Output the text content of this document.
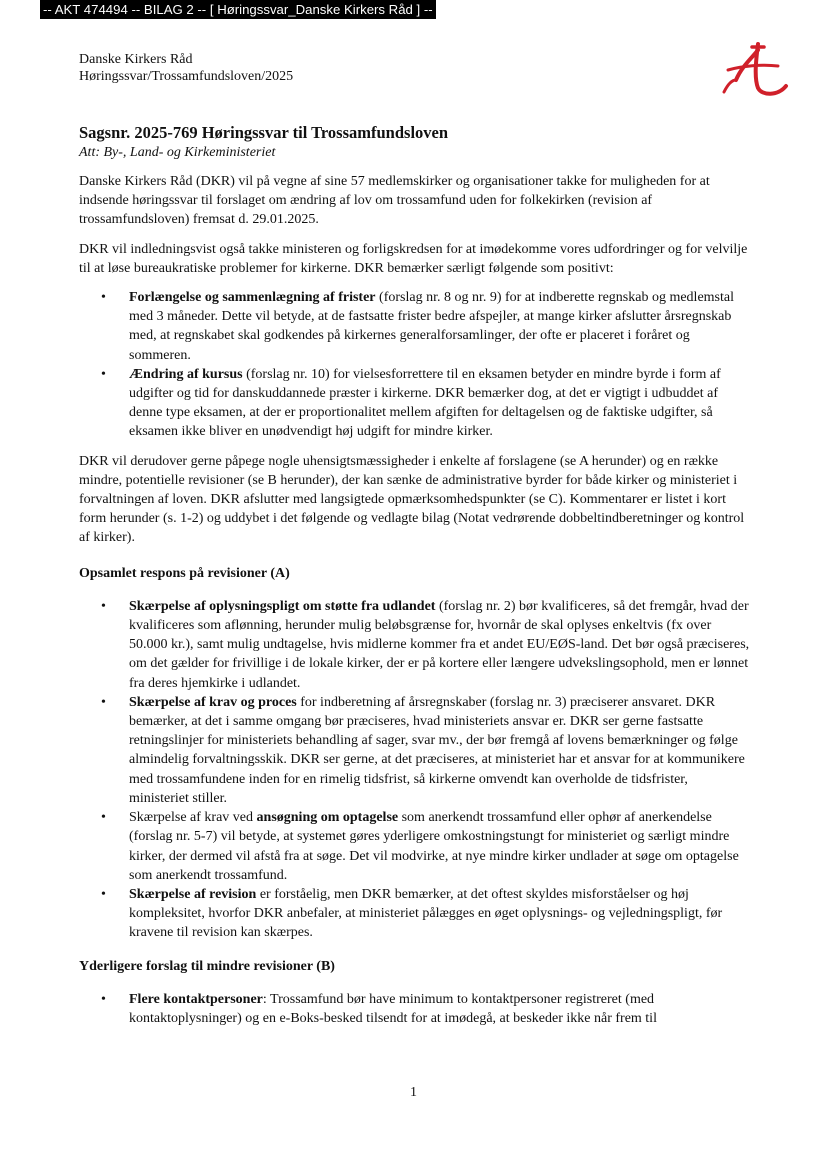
-- AKT 474494 -- BILAG 2 -- [ Høringssvar_Danske Kirkers Råd ] --
Danske Kirkers Råd
Høringssvar/Trossamfundsloven/2025
Sagsnr. 2025-769 Høringssvar til Trossamfundsloven
Att: By-, Land- og Kirkeministeriet

Danske Kirkers Råd (DKR) vil på vegne af sine 57 medlemskirker og organisationer takke for muligheden for at indsende høringssvar til forslaget om ændring af lov om trossamfund uden for folkekirken (revision af trossamfundsloven) fremsat d. 29.01.2025.

DKR vil indledningsvist også takke ministeren og forligskredsen for at imødekomme vores udfordringer og for velvilje til at løse bureaukratiske problemer for kirkerne. DKR bemærker særligt følgende som positivt:

• Forlængelse og sammenlægning af frister (forslag nr. 8 og nr. 9) for at indberette regnskab og medlemstal med 3 måneder. Dette vil betyde, at de fastsatte frister bedre afspejler, at mange kirker afslutter årsregnskab med, at regnskabet skal godkendes på kirkernes generalforsamlinger, der ofte er placeret i foråret og sommeren.
• Ændring af kursus (forslag nr. 10) for vielsesforrettere til en eksamen betyder en mindre byrde i form af udgifter og tid for danskuddannede præster i kirkerne. DKR bemærker dog, at det er vigtigt i udbuddet af denne type eksamen, at der er proportionalitet mellem afgiften for deltagelsen og de faktiske udgifter, så eksamen ikke bliver en unødvendigt høj udgift for mindre kirker.

DKR vil derudover gerne påpege nogle uhensigtsmæssigheder i enkelte af forslagene (se A herunder) og en række mindre, potentielle revisioner (se B herunder), der kan sænke de administrative byrder for både kirker og ministeriet i forvaltningen af loven. DKR afslutter med langsigtede opmærksomhedspunkter (se C). Kommentarer er listet i kort form herunder (s. 1-2) og uddybet i det følgende og vedlagte bilag (Notat vedrørende dobbeltindberetninger og kontrol af kirker).

Opsamlet respons på revisioner (A)
• Skærpelse af oplysningspligt om støtte fra udlandet (forslag nr. 2) bør kvalificeres, så det fremgår, hvad der kvalificeres som aflønning, herunder mulig beløbsgrænse for, hvornår de skal oplyses enkeltvis (fx over 50.000 kr.), samt mulig undtagelse, hvis midlerne kommer fra et andet EU/EØS-land. Det bør også præciseres, om det gælder for frivillige i de lokale kirker, der er på kortere eller længere udvekslingsophold, men er lønnet fra deres hjemkirke i udlandet.
• Skærpelse af krav og proces for indberetning af årsregnskaber (forslag nr. 3) præciserer ansvaret. DKR bemærker, at det i samme omgang bør præciseres, hvad ministeriets ansvar er. DKR ser gerne fastsatte retningslinjer for ministeriets behandling af sager, svar mv., der bør fremgå af lovens bemærkninger og følge almindelig forvaltningsskik. DKR ser gerne, at det præciseres, at ministeriet har et ansvar for at kommunikere med trossamfundene inden for en rimelig tidsfrist, så kirkerne omvendt kan overholde de tidsfrister, ministeriet stiller.
• Skærpelse af krav ved ansøgning om optagelse som anerkendt trossamfund eller ophør af anerkendelse (forslag nr. 5-7) vil betyde, at systemet gøres yderligere omkostningstungt for ministeriet og særligt mindre kirker, der dermed vil afstå fra at søge. Det vil modvirke, at nye mindre kirker undlader at søge om optagelse som anerkendt trossamfund.
• Skærpelse af revision er forståelig, men DKR bemærker, at det oftest skyldes misforståelser og høj kompleksitet, hvorfor DKR anbefaler, at ministeriet pålægges en øget oplysnings- og vejledningspligt, før kravene til revision kan skærpes.
Yderligere forslag til mindre revisioner (B)
• Flere kontaktpersoner: Trossamfund bør have minimum to kontaktpersoner registreret (med kontaktoplysninger) og en e-Boks-besked tilsendt for at imødegå, at beskeder ikke når frem til
1
